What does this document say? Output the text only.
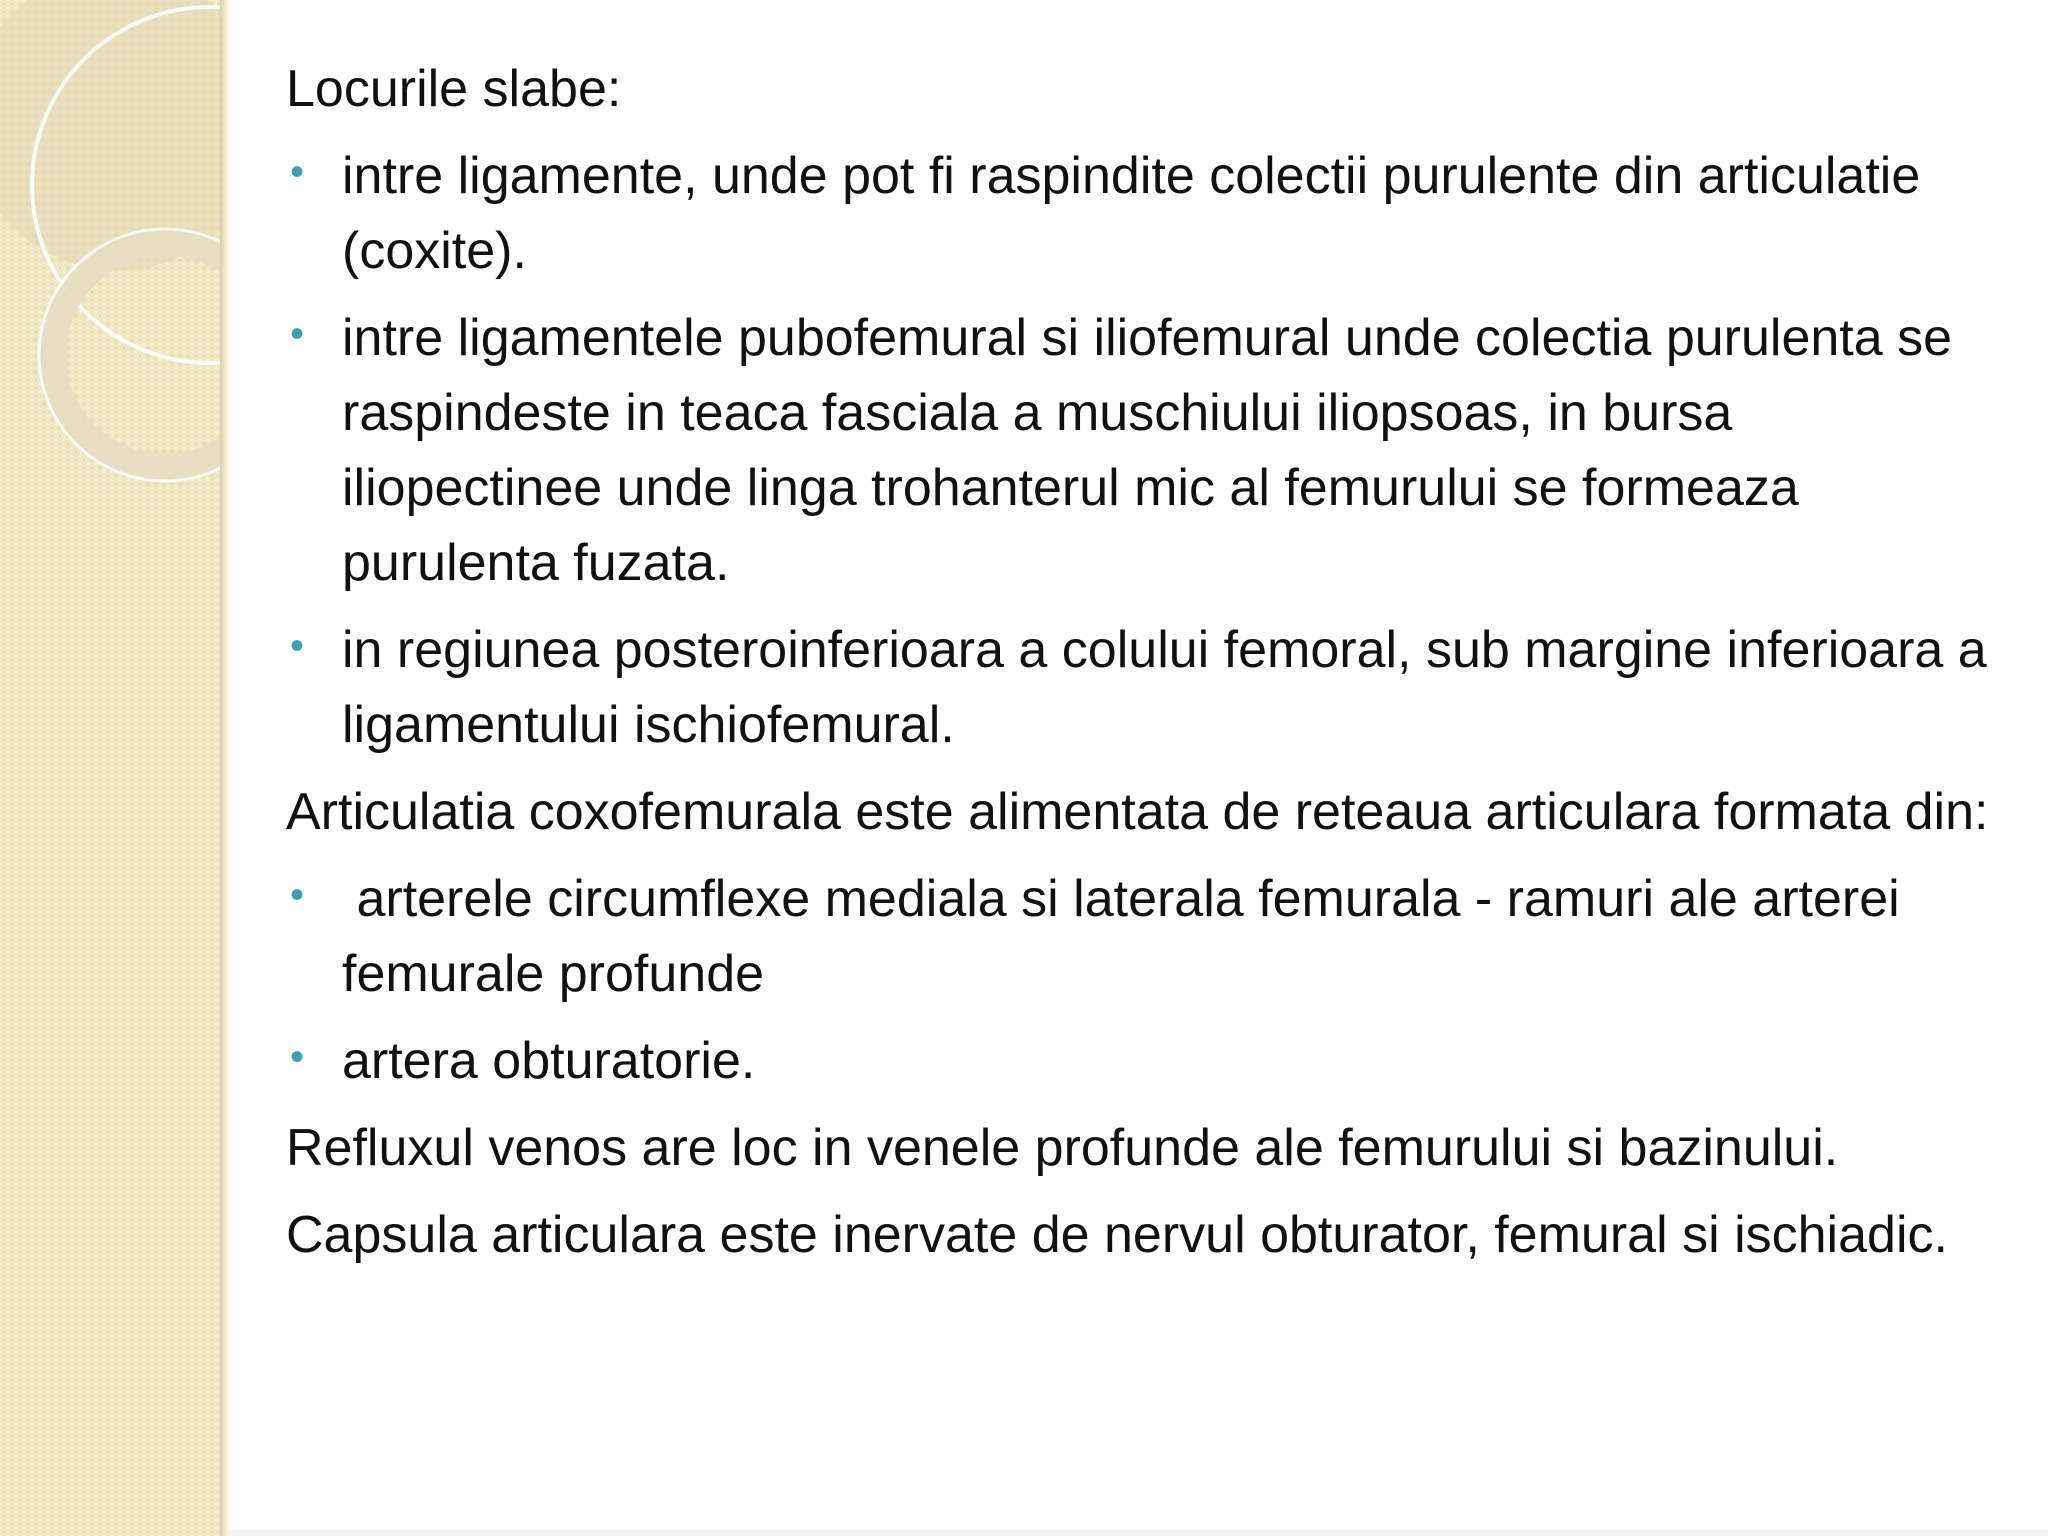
Locurile slabe:

• intre ligamente, unde pot fi raspindite colectii purulente din articulatie (coxite).
• intre ligamentele pubofemural si iliofemural unde colectia purulenta se raspindeste in teaca fasciala a muschiului iliopsoas, in bursa iliopectinee unde linga trohanterul mic al femurului se formeaza purulenta fuzata.
• in regiunea posteroinferioara a colului femoral, sub margine inferioara a ligamentului ischiofemural.

Articulatia coxofemurala este alimentata de reteaua articulara formata din:

• arterele circumflexe mediala si laterala femurala - ramuri ale arterei femurale profunde
• artera obturatorie.

Refluxul venos are loc in venele profunde ale femurului si bazinului.

Capsula articulara este inervate de nervul obturator, femural si ischiadic.
